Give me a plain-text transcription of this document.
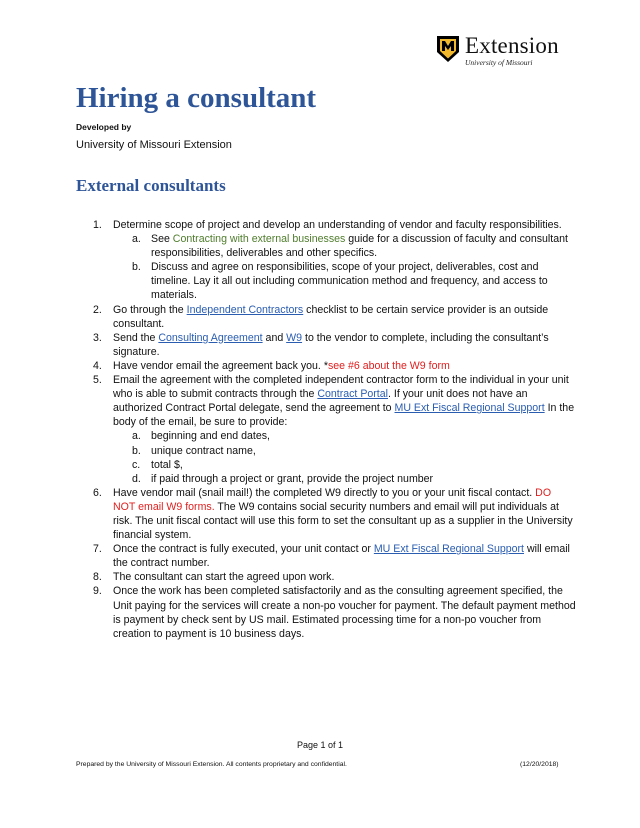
Extension
University of Missouri
Hiring a consultant
Developed by
University of Missouri Extension
External consultants
1. Determine scope of project and develop an understanding of vendor and faculty responsibilities.
a. See Contracting with external businesses guide for a discussion of faculty and consultant responsibilities, deliverables and other specifics.
b. Discuss and agree on responsibilities, scope of your project, deliverables, cost and timeline. Lay it all out including communication method and frequency, and access to materials.
2. Go through the Independent Contractors checklist to be certain service provider is an outside consultant.
3. Send the Consulting Agreement and W9 to the vendor to complete, including the consultant’s signature.
4. Have vendor email the agreement back you. *see #6 about the W9 form
5. Email the agreement with the completed independent contractor form to the individual in your unit who is able to submit contracts through the Contract Portal. If your unit does not have an authorized Contract Portal delegate, send the agreement to MU Ext Fiscal Regional Support In the body of the email, be sure to provide:
a. beginning and end dates,
b. unique contract name,
c. total $,
d. if paid through a project or grant, provide the project number
6. Have vendor mail (snail mail!) the completed W9 directly to you or your unit fiscal contact. DO NOT email W9 forms. The W9 contains social security numbers and email will put individuals at risk. The unit fiscal contact will use this form to set the consultant up as a supplier in the University financial system.
7. Once the contract is fully executed, your unit contact or MU Ext Fiscal Regional Support will email the contract number.
8. The consultant can start the agreed upon work.
9. Once the work has been completed satisfactorily and as the consulting agreement specified, the Unit paying for the services will create a non-po voucher for payment. The default payment method is payment by check sent by US mail. Estimated processing time for a non-po voucher from creation to payment is 10 business days.
Page 1 of 1
Prepared by the University of Missouri Extension. All contents proprietary and confidential.	(12/20/2018)
